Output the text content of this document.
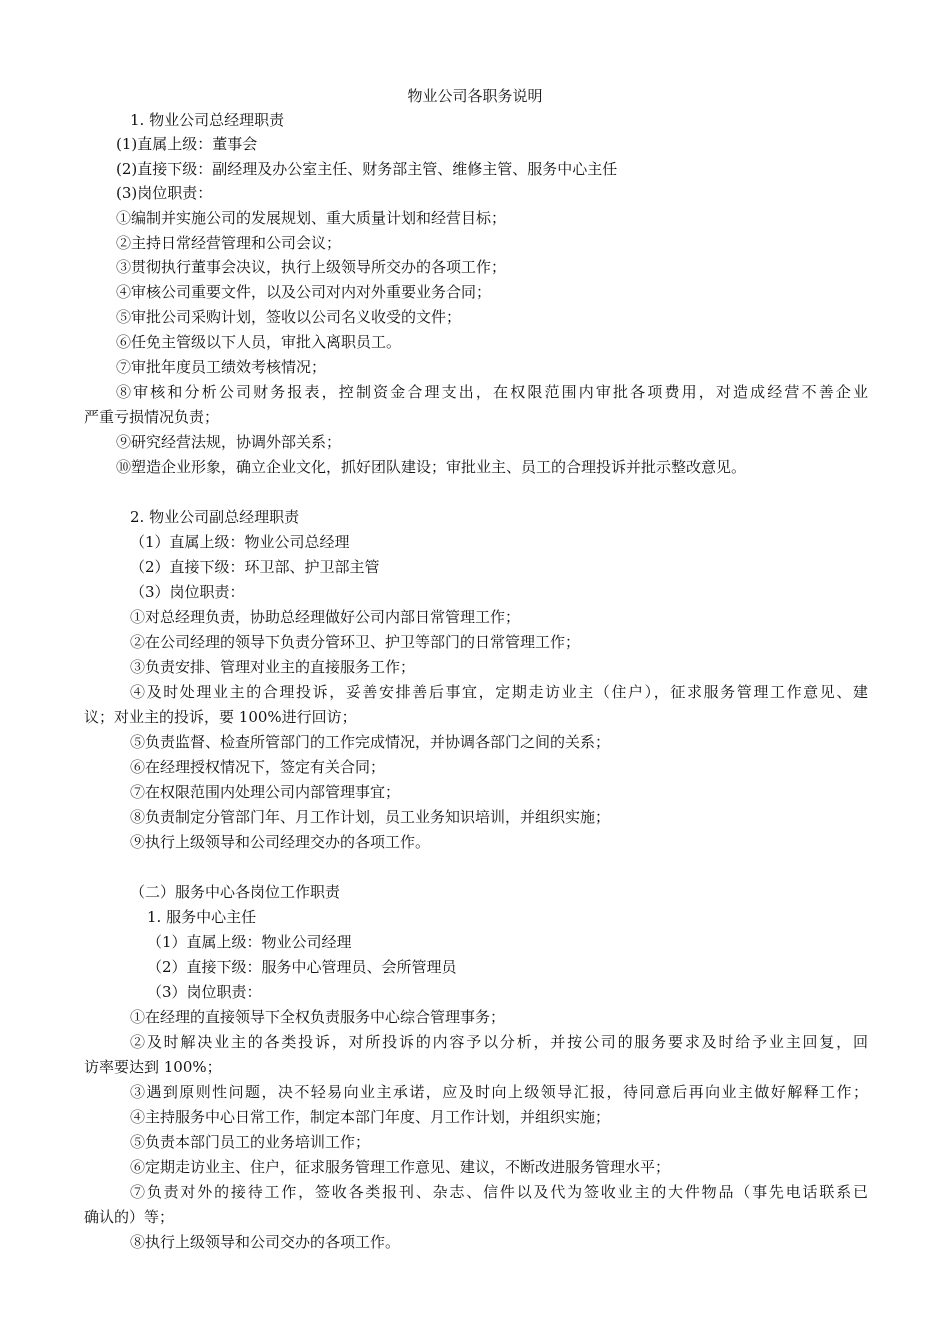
物业公司各职务说明
1. 物业公司总经理职责
(1)直属上级：董事会
(2)直接下级：副经理及办公室主任、财务部主管、维修主管、服务中心主任
(3)岗位职责：
①编制并实施公司的发展规划、重大质量计划和经营目标；
②主持日常经营管理和公司会议；
③贯彻执行董事会决议，执行上级领导所交办的各项工作；
④审核公司重要文件，以及公司对内对外重要业务合同；
⑤审批公司采购计划，签收以公司名义收受的文件；
⑥任免主管级以下人员，审批入离职员工。
⑦审批年度员工绩效考核情况；
⑧审核和分析公司财务报表，控制资金合理支出，在权限范围内审批各项费用，对造成经营不善企业
严重亏损情况负责；
⑨研究经营法规，协调外部关系；
⑩塑造企业形象，确立企业文化，抓好团队建设；审批业主、员工的合理投诉并批示整改意见。
2. 物业公司副总经理职责
（1）直属上级：物业公司总经理
（2）直接下级：环卫部、护卫部主管
（3）岗位职责：
①对总经理负责，协助总经理做好公司内部日常管理工作；
②在公司经理的领导下负责分管环卫、护卫等部门的日常管理工作；
③负责安排、管理对业主的直接服务工作；
④及时处理业主的合理投诉，妥善安排善后事宜，定期走访业主（住户），征求服务管理工作意见、建
议；对业主的投诉，要 100%进行回访；
⑤负责监督、检查所管部门的工作完成情况，并协调各部门之间的关系；
⑥在经理授权情况下，签定有关合同；
⑦在权限范围内处理公司内部管理事宜；
⑧负责制定分管部门年、月工作计划，员工业务知识培训，并组织实施；
⑨执行上级领导和公司经理交办的各项工作。
（二）服务中心各岗位工作职责
1. 服务中心主任
（1）直属上级：物业公司经理
（2）直接下级：服务中心管理员、会所管理员
（3）岗位职责：
①在经理的直接领导下全权负责服务中心综合管理事务；
②及时解决业主的各类投诉，对所投诉的内容予以分析，并按公司的服务要求及时给予业主回复，回
访率要达到 100%；
③遇到原则性问题，决不轻易向业主承诺，应及时向上级领导汇报，待同意后再向业主做好解释工作；
④主持服务中心日常工作，制定本部门年度、月工作计划，并组织实施；
⑤负责本部门员工的业务培训工作；
⑥定期走访业主、住户，征求服务管理工作意见、建议，不断改进服务管理水平；
⑦负责对外的接待工作，签收各类报刊、杂志、信件以及代为签收业主的大件物品（事先电话联系已
确认的）等；
⑧执行上级领导和公司交办的各项工作。
